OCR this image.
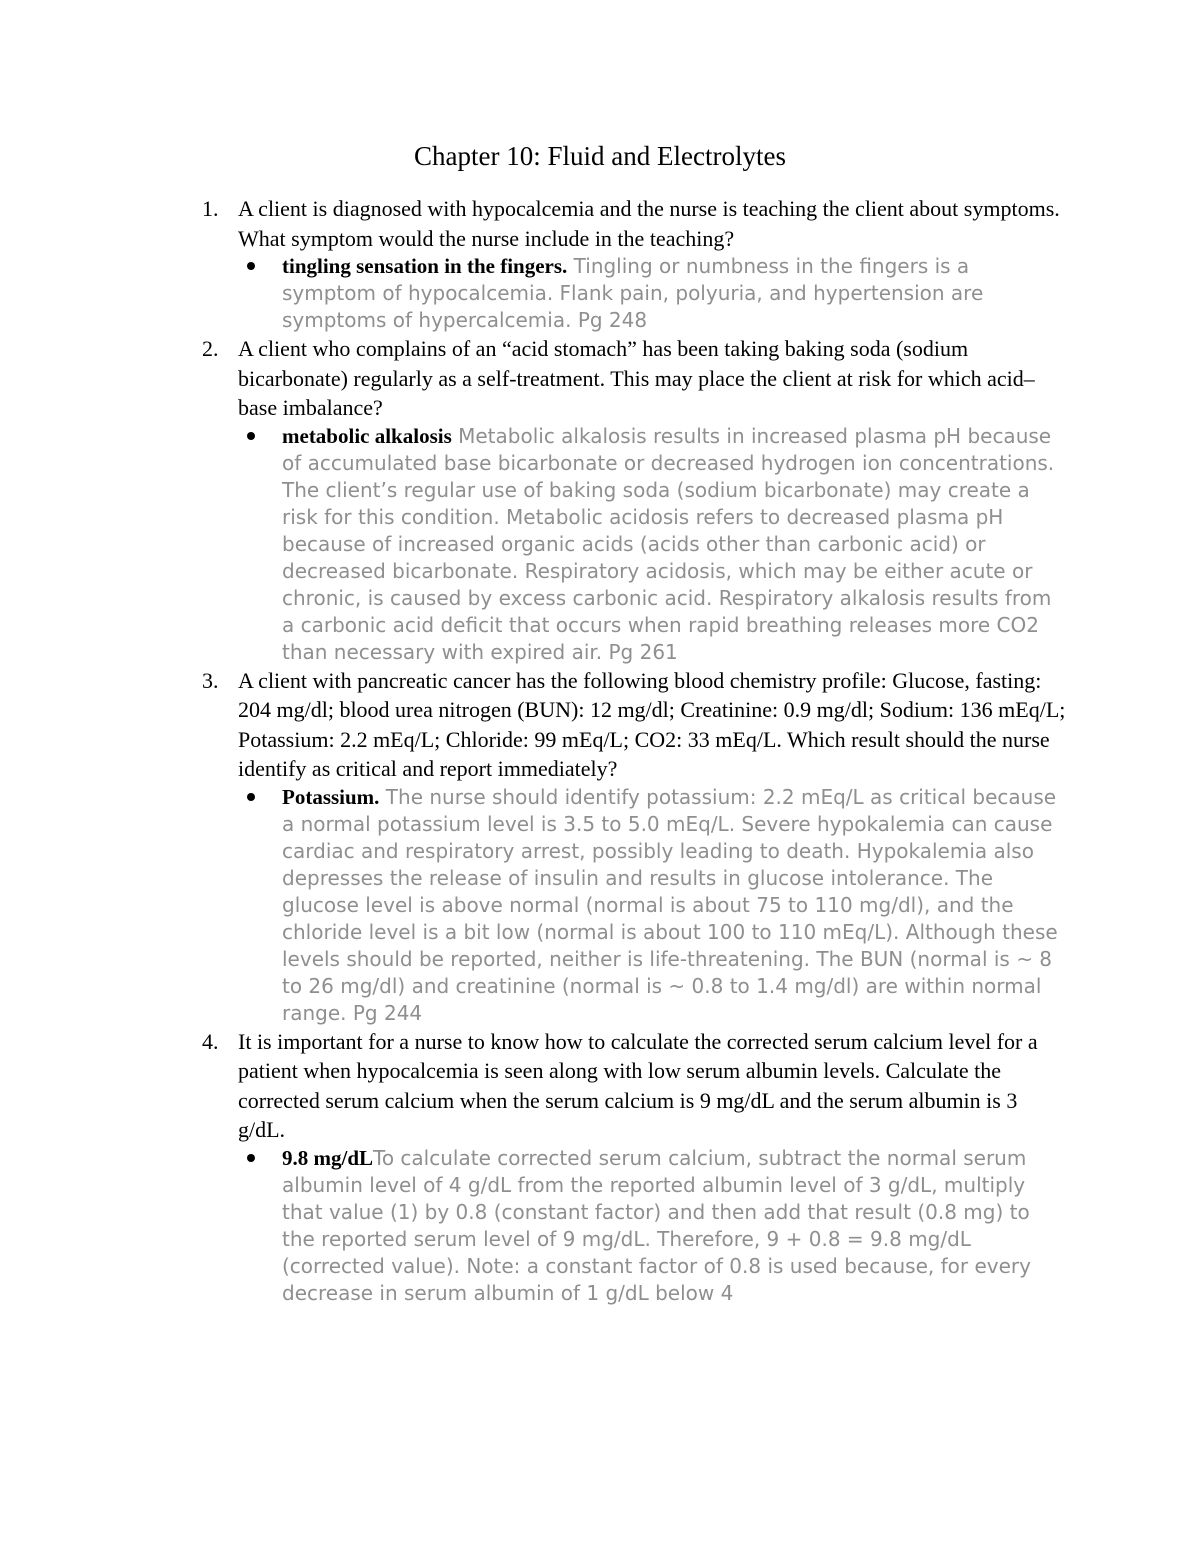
Chapter 10: Fluid and Electrolytes
1. A client is diagnosed with hypocalcemia and the nurse is teaching the client about symptoms. What symptom would the nurse include in the teaching?

tingling sensation in the fingers. Tingling or numbness in the fingers is a symptom of hypocalcemia. Flank pain, polyuria, and hypertension are symptoms of hypercalcemia. Pg 248
2. A client who complains of an “acid stomach” has been taking baking soda (sodium bicarbonate) regularly as a self-treatment. This may place the client at risk for which acid–base imbalance?

metabolic alkalosis Metabolic alkalosis results in increased plasma pH because of accumulated base bicarbonate or decreased hydrogen ion concentrations. The client’s regular use of baking soda (sodium bicarbonate) may create a risk for this condition. Metabolic acidosis refers to decreased plasma pH because of increased organic acids (acids other than carbonic acid) or decreased bicarbonate. Respiratory acidosis, which may be either acute or chronic, is caused by excess carbonic acid. Respiratory alkalosis results from a carbonic acid deficit that occurs when rapid breathing releases more CO2 than necessary with expired air. Pg 261
3. A client with pancreatic cancer has the following blood chemistry profile: Glucose, fasting: 204 mg/dl; blood urea nitrogen (BUN): 12 mg/dl; Creatinine: 0.9 mg/dl; Sodium: 136 mEq/L; Potassium: 2.2 mEq/L; Chloride: 99 mEq/L; CO2: 33 mEq/L. Which result should the nurse identify as critical and report immediately?

Potassium. The nurse should identify potassium: 2.2 mEq/L as critical because a normal potassium level is 3.5 to 5.0 mEq/L. Severe hypokalemia can cause cardiac and respiratory arrest, possibly leading to death. Hypokalemia also depresses the release of insulin and results in glucose intolerance. The glucose level is above normal (normal is about 75 to 110 mg/dl), and the chloride level is a bit low (normal is about 100 to 110 mEq/L). Although these levels should be reported, neither is life-threatening. The BUN (normal is ~ 8 to 26 mg/dl) and creatinine (normal is ~ 0.8 to 1.4 mg/dl) are within normal range. Pg 244
4. It is important for a nurse to know how to calculate the corrected serum calcium level for a patient when hypocalcemia is seen along with low serum albumin levels. Calculate the corrected serum calcium when the serum calcium is 9 mg/dL and the serum albumin is 3 g/dL.

9.8 mg/dLTo calculate corrected serum calcium, subtract the normal serum albumin level of 4 g/dL from the reported albumin level of 3 g/dL, multiply that value (1) by 0.8 (constant factor) and then add that result (0.8 mg) to the reported serum level of 9 mg/dL. Therefore, 9 + 0.8 = 9.8 mg/dL (corrected value). Note: a constant factor of 0.8 is used because, for every decrease in serum albumin of 1 g/dL below 4
